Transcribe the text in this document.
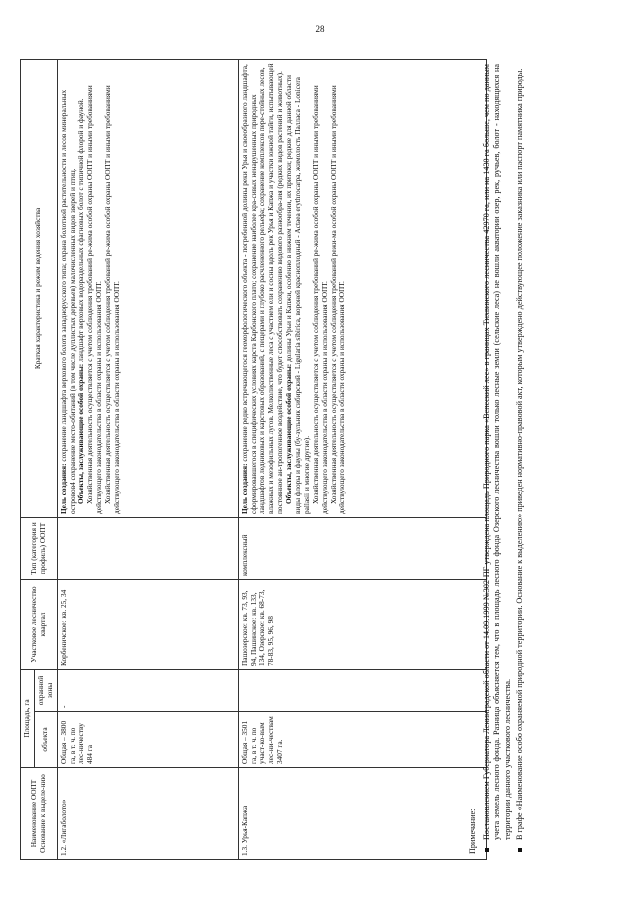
28
Наименование ООПТ Основание к выделе-нию	Площадь, га		Участковое лесничество квартал	Тип (категория и профиль) ООПТ	Краткая характеристика и режим ведения хозяйства
	объекта	охранной зоны			
1.2. «Лигаболото»	Общая – 3800 га, в т. ч. по лес-ничеству 484 га	-	Корбеничское: кв. 25, 34		Цель создания: сохранение ландшафта верхового болота западнорусского типа; охрана болотной растительности и лесов минеральных островов4 сохранение место-обитаний (в том числе дуплистых деревьев) малочисленных видов зверей и птиц. Объекты, заслуживающие особой охраны: ландшафт верховых водораздельных сфагновых болот с типичной флорой и фауной. Хозяйственная деятельность осуществляется с учетом соблюдения требований ре-жима особой охраны ООПТ и иными требованиями действующего законодательства в области охраны и использования ООПТ. Хозяйственная деятельность осуществляется с учетом соблюдения требований ре-жима особой охраны ООПТ и иными требованиями действующего законодательства в области охраны и использования ООПТ.

1.3. Урья-Капжа	Общая – 3501 га, в т. ч. по участ-ко-вым лес-ни-чествам 3407 га.		Пашозерское: кв. 73, 93, 94, Пашинское: кв. 133, 134, Озерское: кв. 68-73, 78-83, 95, 96, 98	комплексный	Цель создания: сохранение редко встречающегося геоморфологического объекта - погребенной долины реки Урья и своеобразного ландшафта, сформировавшегося в специфических условиях карста Карбонского плато; сохранение наиболее кра-сивых ненарушенных природных ландшафтов ледниковых и карстовых образований, с пещерами и глубоко расчлененного рельефа; сохранение комплексов пере-стойных лесов, влажных и мезофильных лугов. Мелколиственные леса с участием ели и сосны вдоль рек Урья и Капжа и участки южной тайги, испытывающей постоянное ан-тропогенное воздействие, что будет способствовать сохранению видового разнообра-зия (редких видов растений и животных). Объекты, заслуживающие особой охраны: долины Урьи и Капжи, особенно в нижнем течении, их притоки; редкие для данной области виды флоры и фауны (бу-зульник сибирский - Ligularia sibirica, вороней красноплодный - Actaea erythrocarpa, жимолость Палласа - Lonicera pallasii и многие другие). Хозяйственная деятельность осуществляется с учетом соблюдения требований ре-жима особой охраны ООПТ и иными требованиями действующего законодательства в области охраны и использования ООПТ. Хозяйственная деятельность осуществляется с учетом соблюдения требований режи-ма особой охраны ООПТ и иными требованиями действующего законодательства в области охраны и использования ООПТ.

Примечание: Постановлением Губернатора Ленинградской области от 14.09.1999 №302-ПГ утверждена площадь Природного парка «Вепсский лес» в границах Тихвинского лесничества 42970 га, или на 1430 га больше, чем по данным учета земель лесного фонда. Разница объясняется тем, что в площадь лесного фонда Озерского лесничества вошли только лесные земли (сельские леса) не вошли акватории озер, рек, ручьев, болот - находящихся на территории данного участкового лесничества. В графе «Наименование особо охраняемой природной территории. Основание к выделению» приведен нормативно-правовой акт, которым утверждено действующее положение заказника или паспорт памятника природы.
